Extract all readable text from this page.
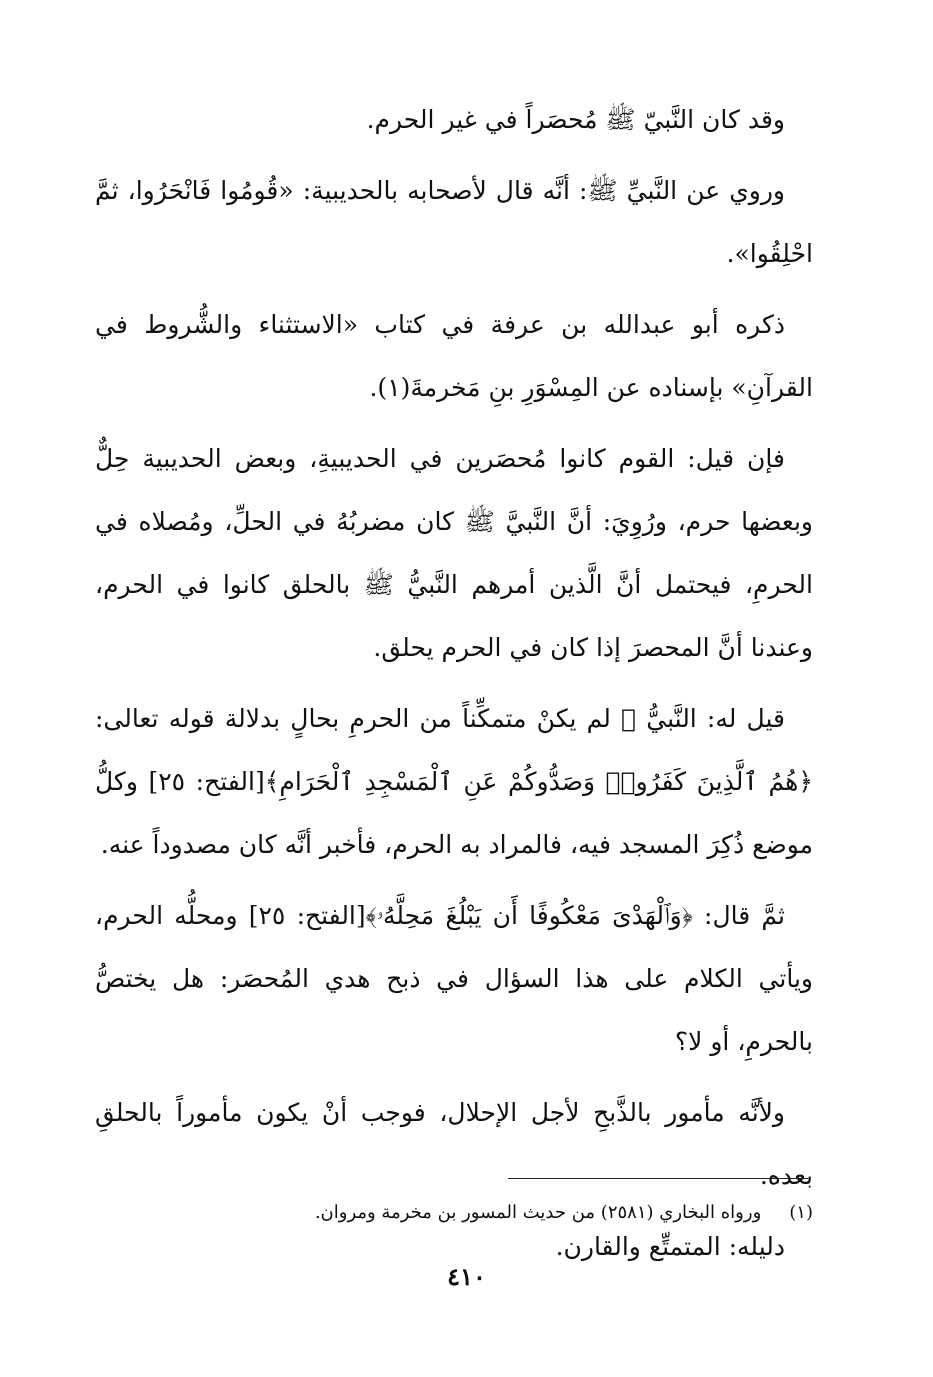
وقد كان النَّبيّ ﷺ مُحصَراً في غير الحرم.

وروي عن النَّبيِّ ﷺ: أنَّه قال لأصحابه بالحديبية: «قُومُوا فَانْحَرُوا، ثمَّ احْلِقُوا».

ذكره أبو عبدالله بن عرفة في كتاب «الاستثناء والشُّروط في القرآنِ» بإسناده عن المِسْوَرِ بنِ مَخرمةَ(١).

فإن قيل: القوم كانوا مُحصَرين في الحديبيةِ، وبعض الحديبية حِلٌّ وبعضها حرم، ورُوِيَ: أنَّ النَّبيَّ ﷺ كان مضربُهُ في الحلِّ، ومُصلاه في الحرمِ، فيحتمل أنَّ الَّذين أمرهم النَّبيُّ ﷺ بالحلق كانوا في الحرم، وعندنا أنَّ المحصرَ إذا كان في الحرم يحلق.

قيل له: النَّبيُّ ﷺ لم يكنْ متمكِّناً من الحرمِ بحالٍ بدلالة قوله تعالى: ﴿هُمُ ٱلَّذِينَ كَفَرُوا۟ وَصَدُّوكُمْ عَنِ ٱلْمَسْجِدِ ٱلْحَرَامِ﴾[الفتح: ٢٥] وكلُّ موضع ذُكِرَ المسجد فيه، فالمراد به الحرم، فأخبر أنَّه كان مصدوداً عنه.

ثمَّ قال: ﴿وَٱلْهَدْىَ مَعْكُوفًا أَن يَبْلُغَ مَحِلَّهُۥ﴾[الفتح: ٢٥] ومحلُّه الحرم، ويأتي الكلام على هذا السؤال في ذبح هدي المُحصَر: هل يختصُّ بالحرمِ، أو لا؟

ولأنَّه مأمور بالذَّبحِ لأجل الإحلال، فوجب أنْ يكون مأموراً بالحلقِ بعده.

دليله: المتمتِّع والقارن.

(١)ورواه البخاري (٢٥٨١) من حديث المسور بن مخرمة ومروان.
٤١٠
